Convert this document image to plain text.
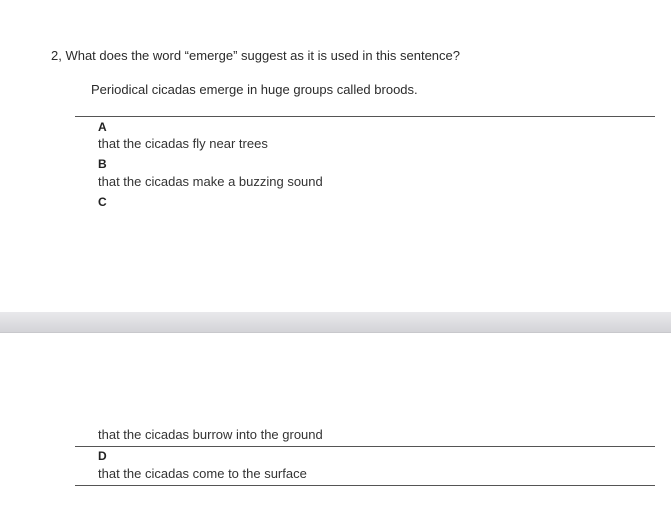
2, What does the word “emerge” suggest as it is used in this sentence?
Periodical cicadas emerge in huge groups called broods.
A
that the cicadas fly near trees
B
that the cicadas make a buzzing sound
C
that the cicadas burrow into the ground
D
that the cicadas come to the surface
